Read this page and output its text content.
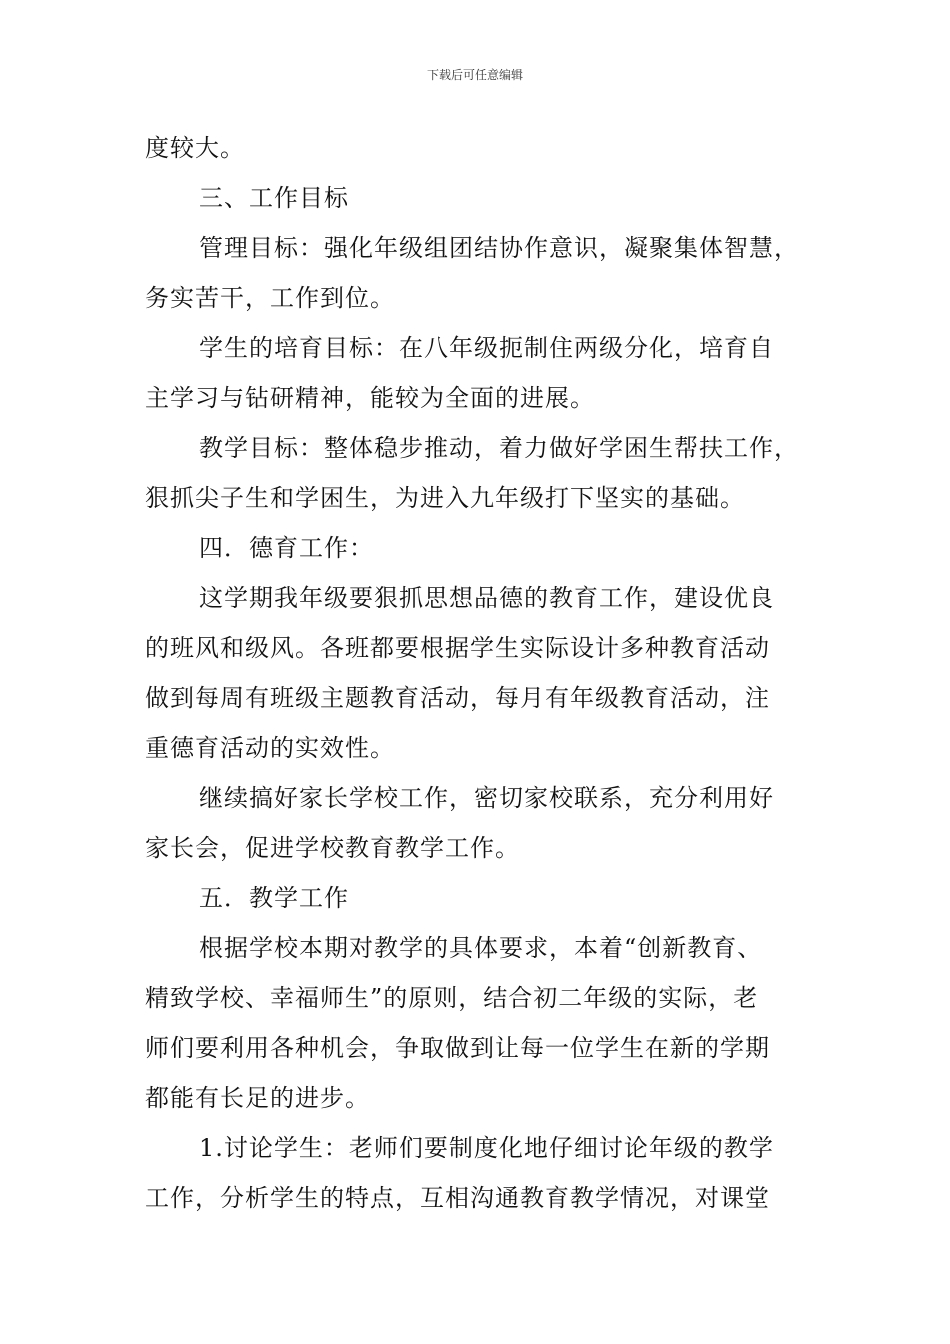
下载后可任意编辑
度较大。
三、工作目标
管理目标：强化年级组团结协作意识，凝聚集体智慧，
务实苦干，工作到位。
学生的培育目标：在八年级扼制住两级分化，培育自
主学习与钻研精神，能较为全面的进展。
教学目标：整体稳步推动，着力做好学困生帮扶工作，
狠抓尖子生和学困生，为进入九年级打下坚实的基础。
四．德育工作：
这学期我年级要狠抓思想品德的教育工作，建设优良
的班风和级风。各班都要根据学生实际设计多种教育活动
做到每周有班级主题教育活动，每月有年级教育活动，注
重德育活动的实效性。
继续搞好家长学校工作，密切家校联系，充分利用好
家长会，促进学校教育教学工作。
五．教学工作
根据学校本期对教学的具体要求，本着“创新教育、
精致学校、幸福师生”的原则，结合初二年级的实际，老
师们要利用各种机会，争取做到让每一位学生在新的学期
都能有长足的进步。
1.讨论学生：老师们要制度化地仔细讨论年级的教学
工作，分析学生的特点，互相沟通教育教学情况，对课堂
